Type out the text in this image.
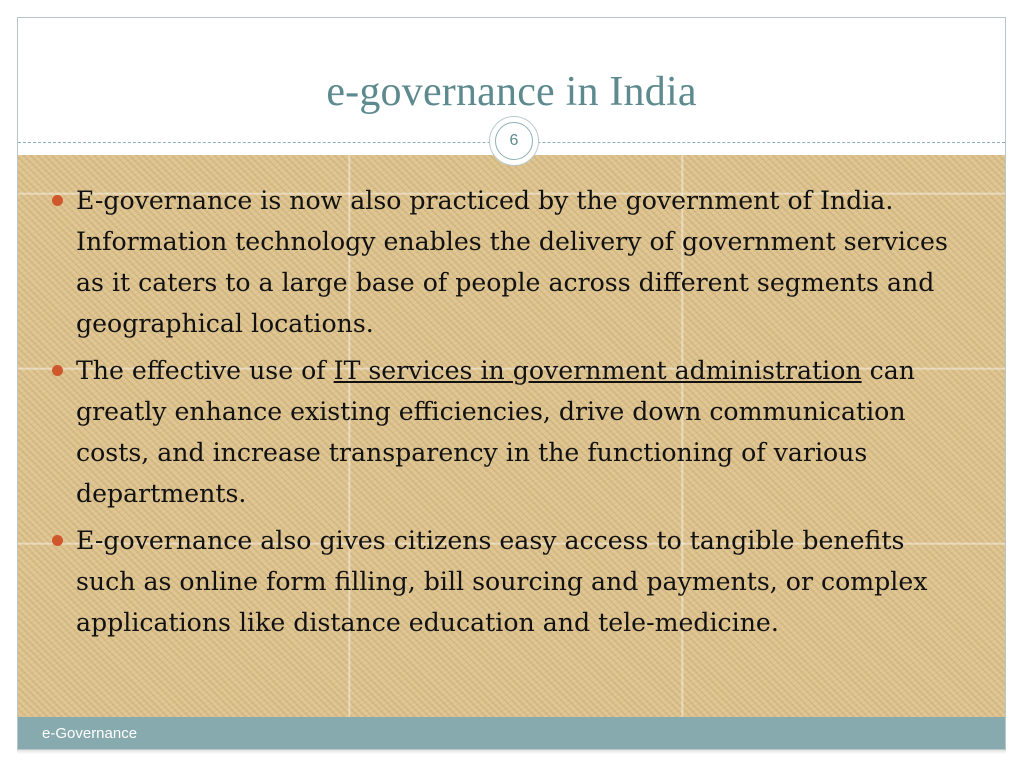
e-governance in India
6
E-governance is now also practiced by the government of India. Information technology enables the delivery of government services as it caters to a large base of people across different segments and geographical locations.
The effective use of IT services in government administration can greatly enhance existing efficiencies, drive down communication costs, and increase transparency in the functioning of various departments.
E-governance also gives citizens easy access to tangible benefits such as online form filling, bill sourcing and payments, or complex applications like distance education and tele-medicine.
e-Governance
